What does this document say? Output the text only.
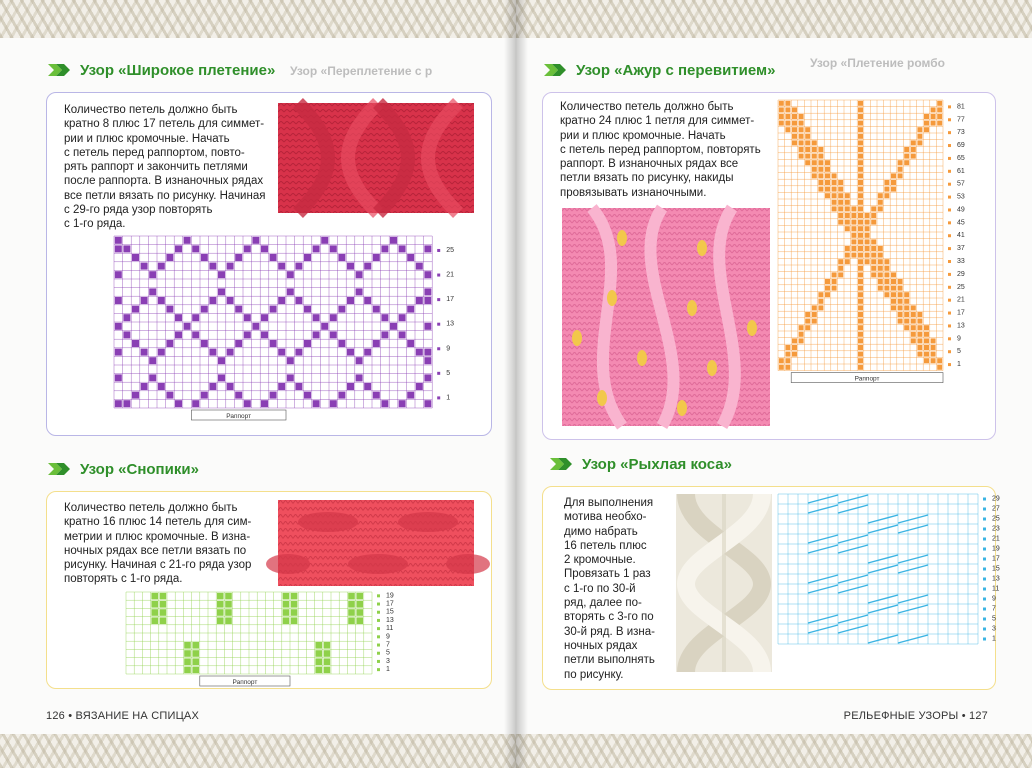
Узор «Широкое плетение» Узор «Переплетение с р
Количество петель должно быть
кратно 8 плюс 17 петель для симмет-
рии и плюс кромочные. Начать
с петель перед раппортом, повто-
рять раппорт и закончить петлями
после раппорта. В изнаночных рядах
все петли вязать по рисунку. Начиная
с 29-го ряда узор повторять
с 1-го ряда.
1
5
9
13
17
21
25
Раппорт
Узор «Снопики»
Количество петель должно быть
кратно 16 плюс 14 петель для сим-
метрии и плюс кромочные. В изна-
ночных рядах все петли вязать по
рисунку. Начиная с 21-го ряда узор
повторять с 1-го ряда.
1
3
5
7
9
11
13
15
17
19
Раппорт
126 • ВЯЗАНИЕ НА СПИЦАХ
Узор «Ажур с перевитием»	Узор «Плетение ромбо
Количество петель должно быть
кратно 24 плюс 1 петля для симмет-
рии и плюс кромочные. Начать
с петель перед раппортом, повторять
раппорт. В изнаночных рядах все
петли вязать по рисунку, накиды
провязывать изнаночными.
1
5
9
13
17
21
25
29
33
37
41
45
49
53
57
61
65
69
73
77
81
Раппорт
Узор «Рыхлая коса»
Для выполнения
мотива необхо-
димо набрать
16 петель плюс
2 кромочные.
Провязать 1 раз
с 1-го по 30-й
ряд, далее по-
вторять с 3-го по
30-й ряд. В изна-
ночных рядах
петли выполнять
по рисунку.
1
3
5
7
9
11
13
15
17
19
21
23
25
27
29
РЕЛЬЕФНЫЕ УЗОРЫ • 127
